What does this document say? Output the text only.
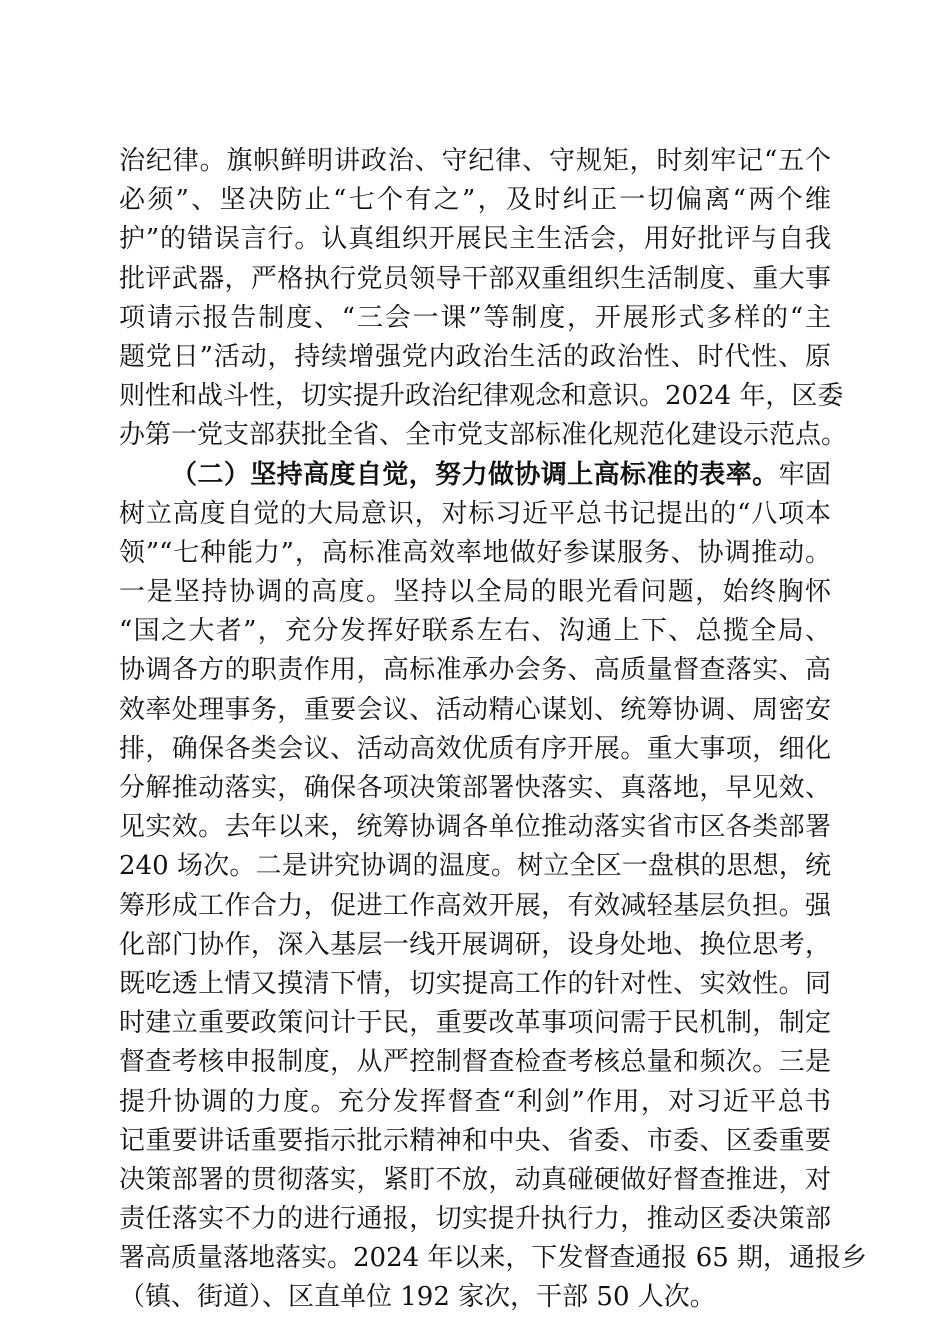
治纪律。旗帜鲜明讲政治、守纪律、守规矩，时刻牢记“五个
必须”、坚决防止“七个有之”，及时纠正一切偏离“两个维
护”的错误言行。认真组织开展民主生活会，用好批评与自我
批评武器，严格执行党员领导干部双重组织生活制度、重大事
项请示报告制度、“三会一课”等制度，开展形式多样的“主
题党日”活动，持续增强党内政治生活的政治性、时代性、原
则性和战斗性，切实提升政治纪律观念和意识。2024 年，区委
办第一党支部获批全省、全市党支部标准化规范化建设示范点。
（二）坚持高度自觉，努力做协调上高标准的表率。牢固
树立高度自觉的大局意识，对标习近平总书记提出的“八项本
领”“七种能力”，高标准高效率地做好参谋服务、协调推动。
一是坚持协调的高度。坚持以全局的眼光看问题，始终胸怀
“国之大者”，充分发挥好联系左右、沟通上下、总揽全局、
协调各方的职责作用，高标准承办会务、高质量督查落实、高
效率处理事务，重要会议、活动精心谋划、统筹协调、周密安
排，确保各类会议、活动高效优质有序开展。重大事项，细化
分解推动落实，确保各项决策部署快落实、真落地，早见效、
见实效。去年以来，统筹协调各单位推动落实省市区各类部署
240 场次。二是讲究协调的温度。树立全区一盘棋的思想，统
筹形成工作合力，促进工作高效开展，有效减轻基层负担。强
化部门协作，深入基层一线开展调研，设身处地、换位思考，
既吃透上情又摸清下情，切实提高工作的针对性、实效性。同
时建立重要政策问计于民，重要改革事项问需于民机制，制定
督查考核申报制度，从严控制督查检查考核总量和频次。三是
提升协调的力度。充分发挥督查“利剑”作用，对习近平总书
记重要讲话重要指示批示精神和中央、省委、市委、区委重要
决策部署的贯彻落实，紧盯不放，动真碰硬做好督查推进，对
责任落实不力的进行通报，切实提升执行力，推动区委决策部
署高质量落地落实。2024 年以来，下发督查通报 65 期，通报乡
（镇、街道）、区直单位 192 家次，干部 50 人次。
